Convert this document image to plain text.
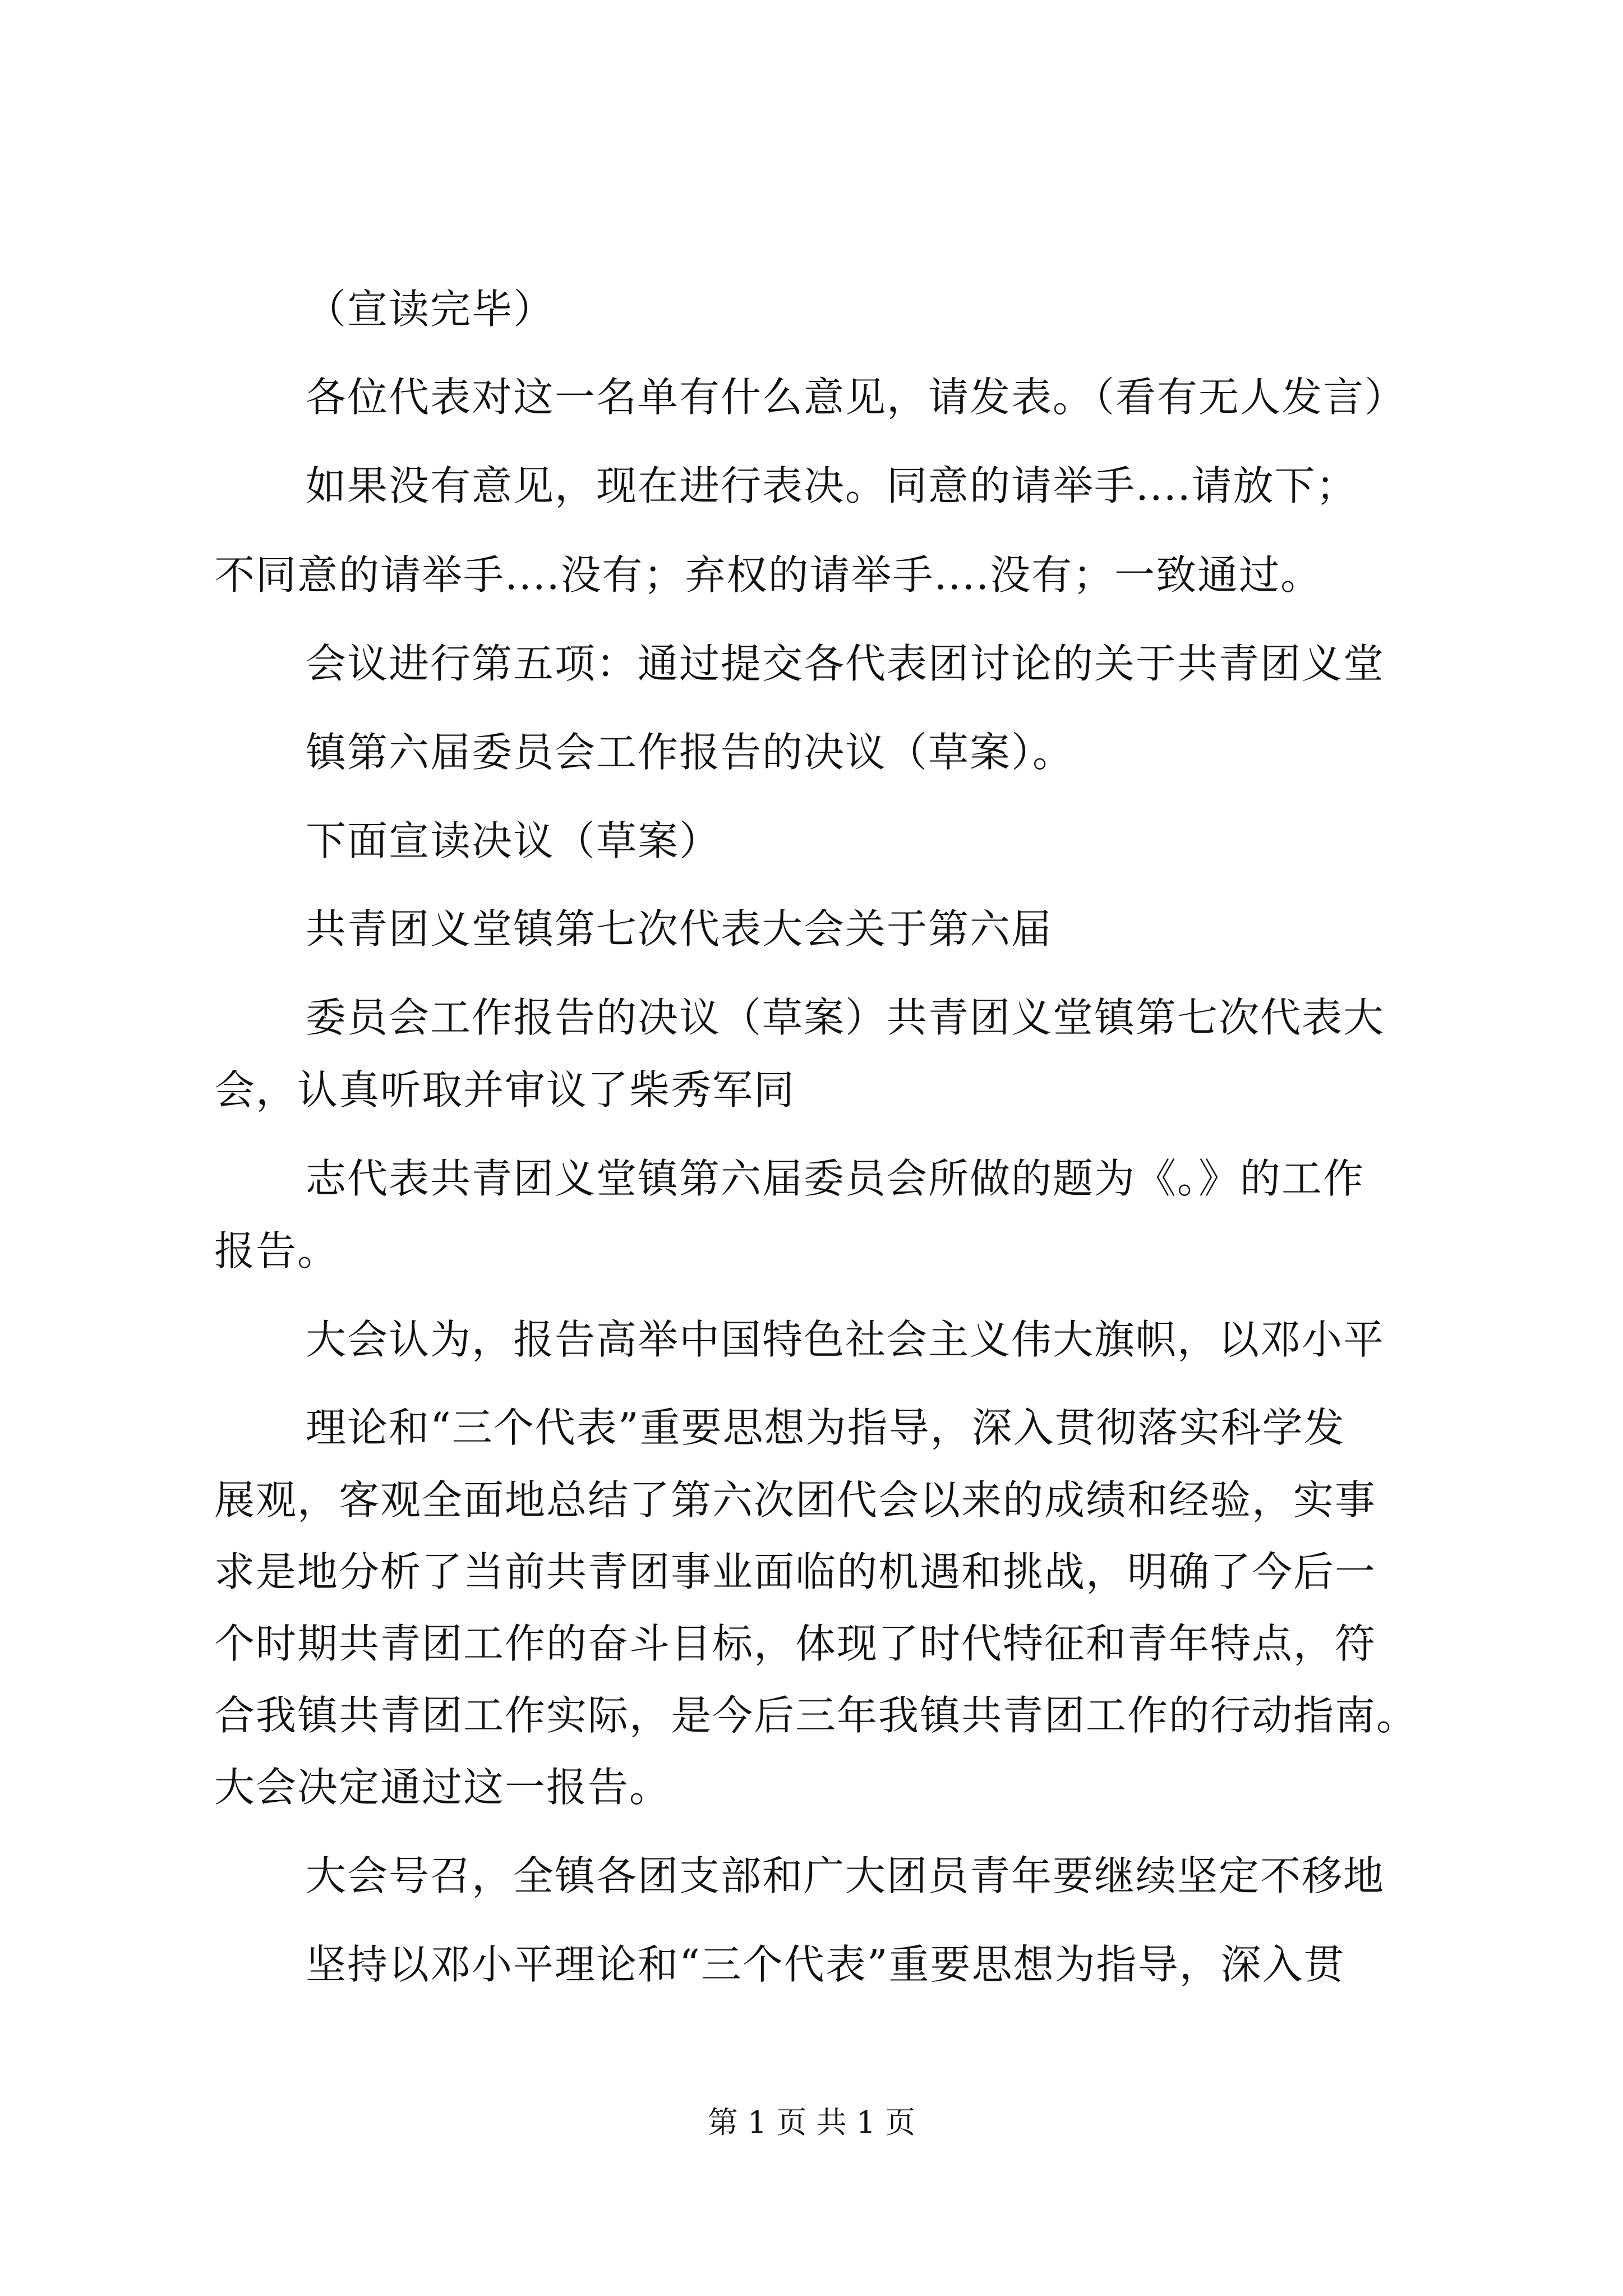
（宣读完毕）
各位代表对这一名单有什么意见，请发表。（看有无人发言）
如果没有意见，现在进行表决。同意的请举手....请放下；
不同意的请举手....没有；弃权的请举手....没有；一致通过。
会议进行第五项：通过提交各代表团讨论的关于共青团义堂
镇第六届委员会工作报告的决议（草案）。
下面宣读决议（草案）
共青团义堂镇第七次代表大会关于第六届
委员会工作报告的决议（草案）共青团义堂镇第七次代表大
会，认真听取并审议了柴秀军同
志代表共青团义堂镇第六届委员会所做的题为《。》的工作
报告。
大会认为，报告高举中国特色社会主义伟大旗帜，以邓小平
理论和“三个代表”重要思想为指导，深入贯彻落实科学发
展观，客观全面地总结了第六次团代会以来的成绩和经验，实事
求是地分析了当前共青团事业面临的机遇和挑战，明确了今后一
个时期共青团工作的奋斗目标，体现了时代特征和青年特点，符
合我镇共青团工作实际，是今后三年我镇共青团工作的行动指南。
大会决定通过这一报告。
大会号召，全镇各团支部和广大团员青年要继续坚定不移地
坚持以邓小平理论和“三个代表”重要思想为指导，深入贯
第 1 页 共 1 页
